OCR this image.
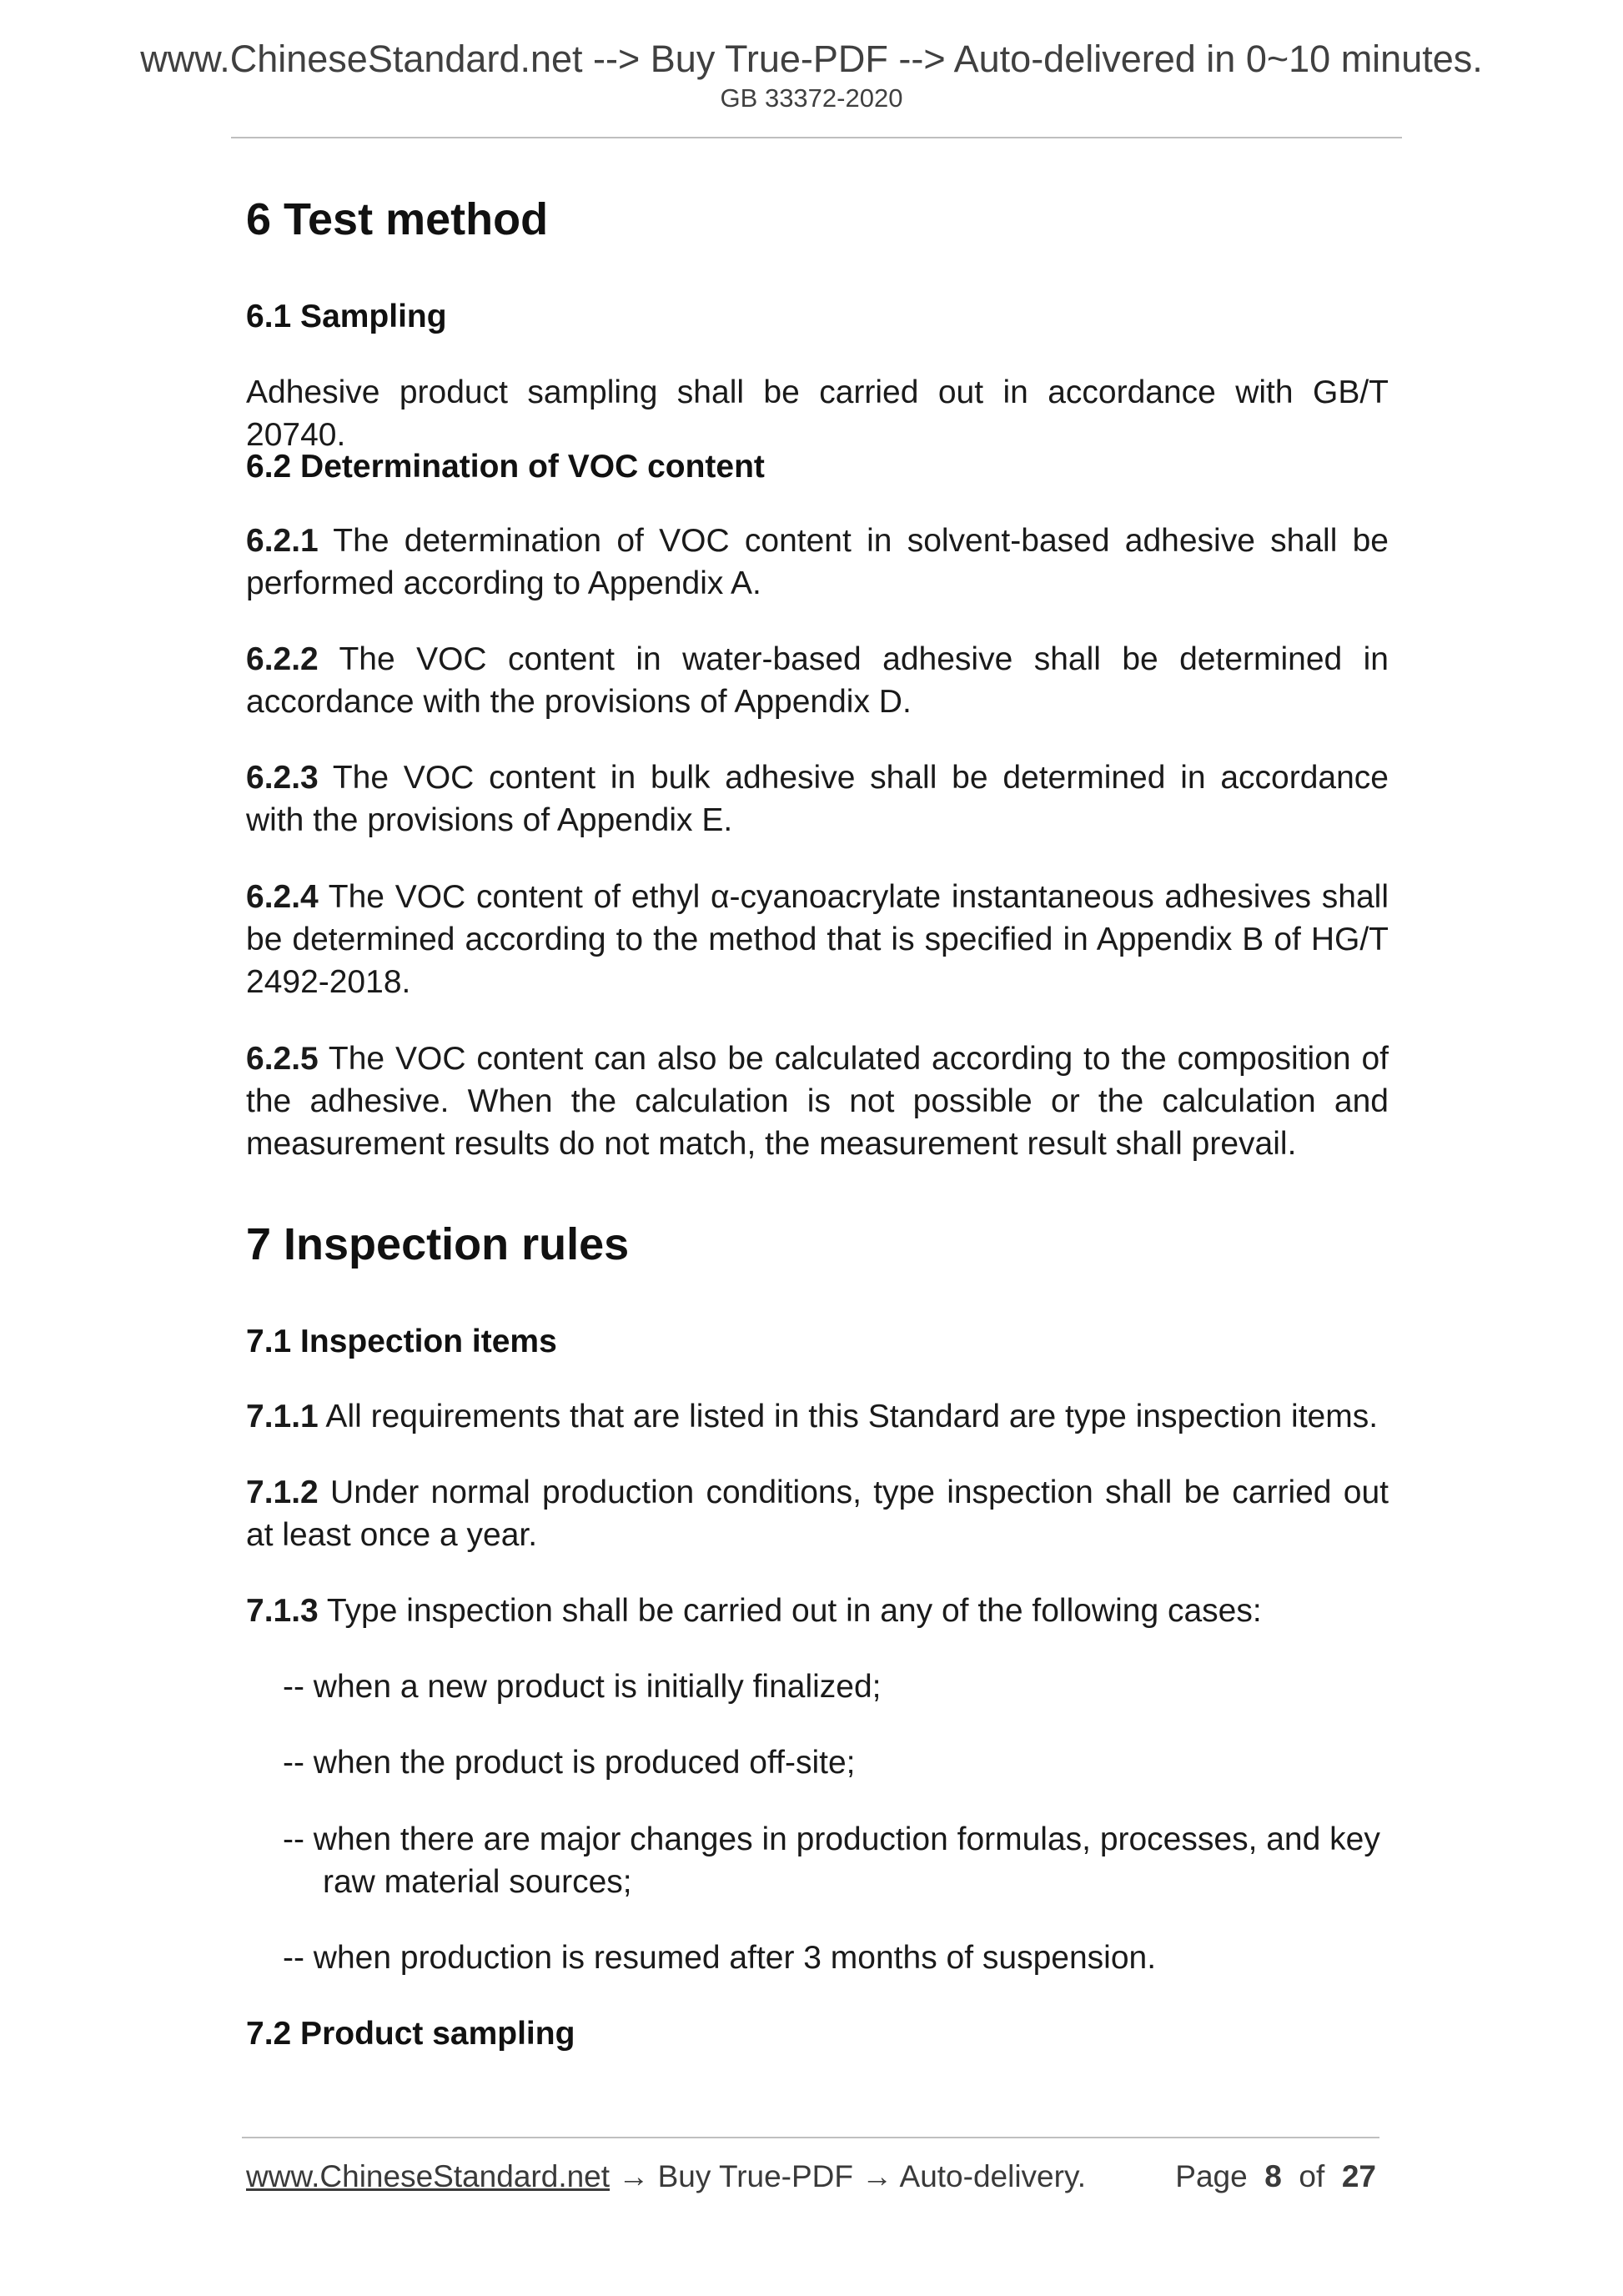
www.ChineseStandard.net --> Buy True-PDF --> Auto-delivered in 0~10 minutes.
GB 33372-2020
6 Test method
6.1 Sampling
Adhesive product sampling shall be carried out in accordance with GB/T 20740.
6.2 Determination of VOC content
6.2.1 The determination of VOC content in solvent-based adhesive shall be performed according to Appendix A.
6.2.2 The VOC content in water-based adhesive shall be determined in accordance with the provisions of Appendix D.
6.2.3 The VOC content in bulk adhesive shall be determined in accordance with the provisions of Appendix E.
6.2.4 The VOC content of ethyl α-cyanoacrylate instantaneous adhesives shall be determined according to the method that is specified in Appendix B of HG/T 2492-2018.
6.2.5 The VOC content can also be calculated according to the composition of the adhesive. When the calculation is not possible or the calculation and measurement results do not match, the measurement result shall prevail.
7 Inspection rules
7.1 Inspection items
7.1.1 All requirements that are listed in this Standard are type inspection items.
7.1.2 Under normal production conditions, type inspection shall be carried out at least once a year.
7.1.3 Type inspection shall be carried out in any of the following cases:
-- when a new product is initially finalized;
-- when the product is produced off-site;
-- when there are major changes in production formulas, processes, and key raw material sources;
-- when production is resumed after 3 months of suspension.
7.2 Product sampling
www.ChineseStandard.net → Buy True-PDF → Auto-delivery.	Page 8 of 27
